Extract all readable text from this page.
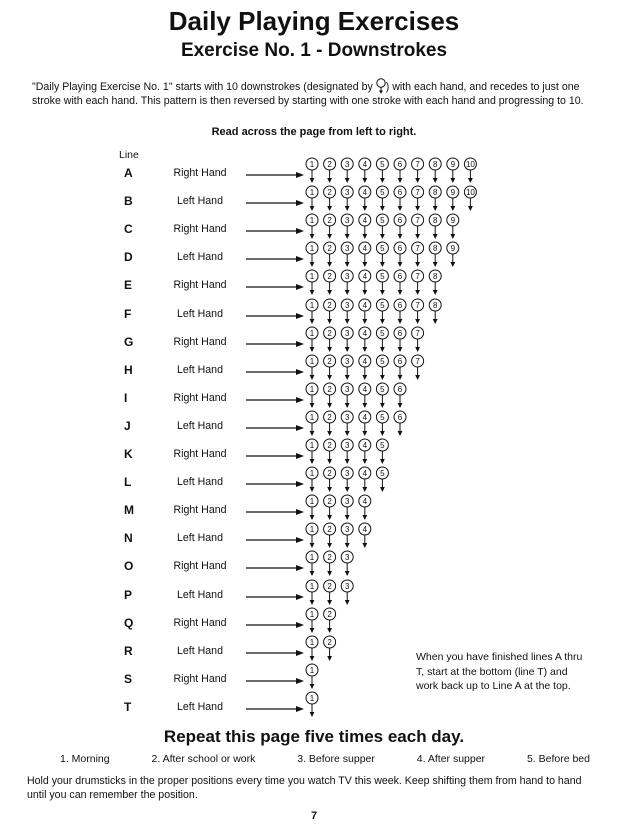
Daily Playing Exercises
Exercise No. 1 - Downstrokes
"Daily Playing Exercise No. 1" starts with 10 downstrokes (designated by ) with each hand, and recedes to just one stroke with each hand. This pattern is then reversed by starting with one stroke with each hand and progressing to 10.
Read across the page from left to right.
Line
A	Right Hand
1 2 3 4 5 6 7 8 9 10
B	Left Hand
1 2 3 4 5 6 7 8 9 10
C	Right Hand
1 2 3 4 5 6 7 8 9
D	Left Hand
1 2 3 4 5 6 7 8 9
E	Right Hand
1 2 3 4 5 6 7 8
F	Left Hand
1 2 3 4 5 6 7 8
G	Right Hand
1 2 3 4 5 6 7
H	Left Hand
1 2 3 4 5 6 7
I	Right Hand
1 2 3 4 5 6
J	Left Hand
1 2 3 4 5 6
K	Right Hand
1 2 3 4 5
L	Left Hand
1 2 3 4 5
M	Right Hand
1 2 3 4
N	Left Hand
1 2 3 4
O	Right Hand
1 2 3
P	Left Hand
1 2 3
Q	Right Hand
1 2
R	Left Hand
1 2
S	Right Hand
1
T	Left Hand
1
When you have finished lines A thru T, start at the bottom (line T) and work back up to Line A at the top.
Repeat this page five times each day.
1. Morning	2. After school or work	3. Before supper	4. After supper	5. Before bed
Hold your drumsticks in the proper positions every time you watch TV this week. Keep shifting them from hand to hand until you can remember the position.
7
